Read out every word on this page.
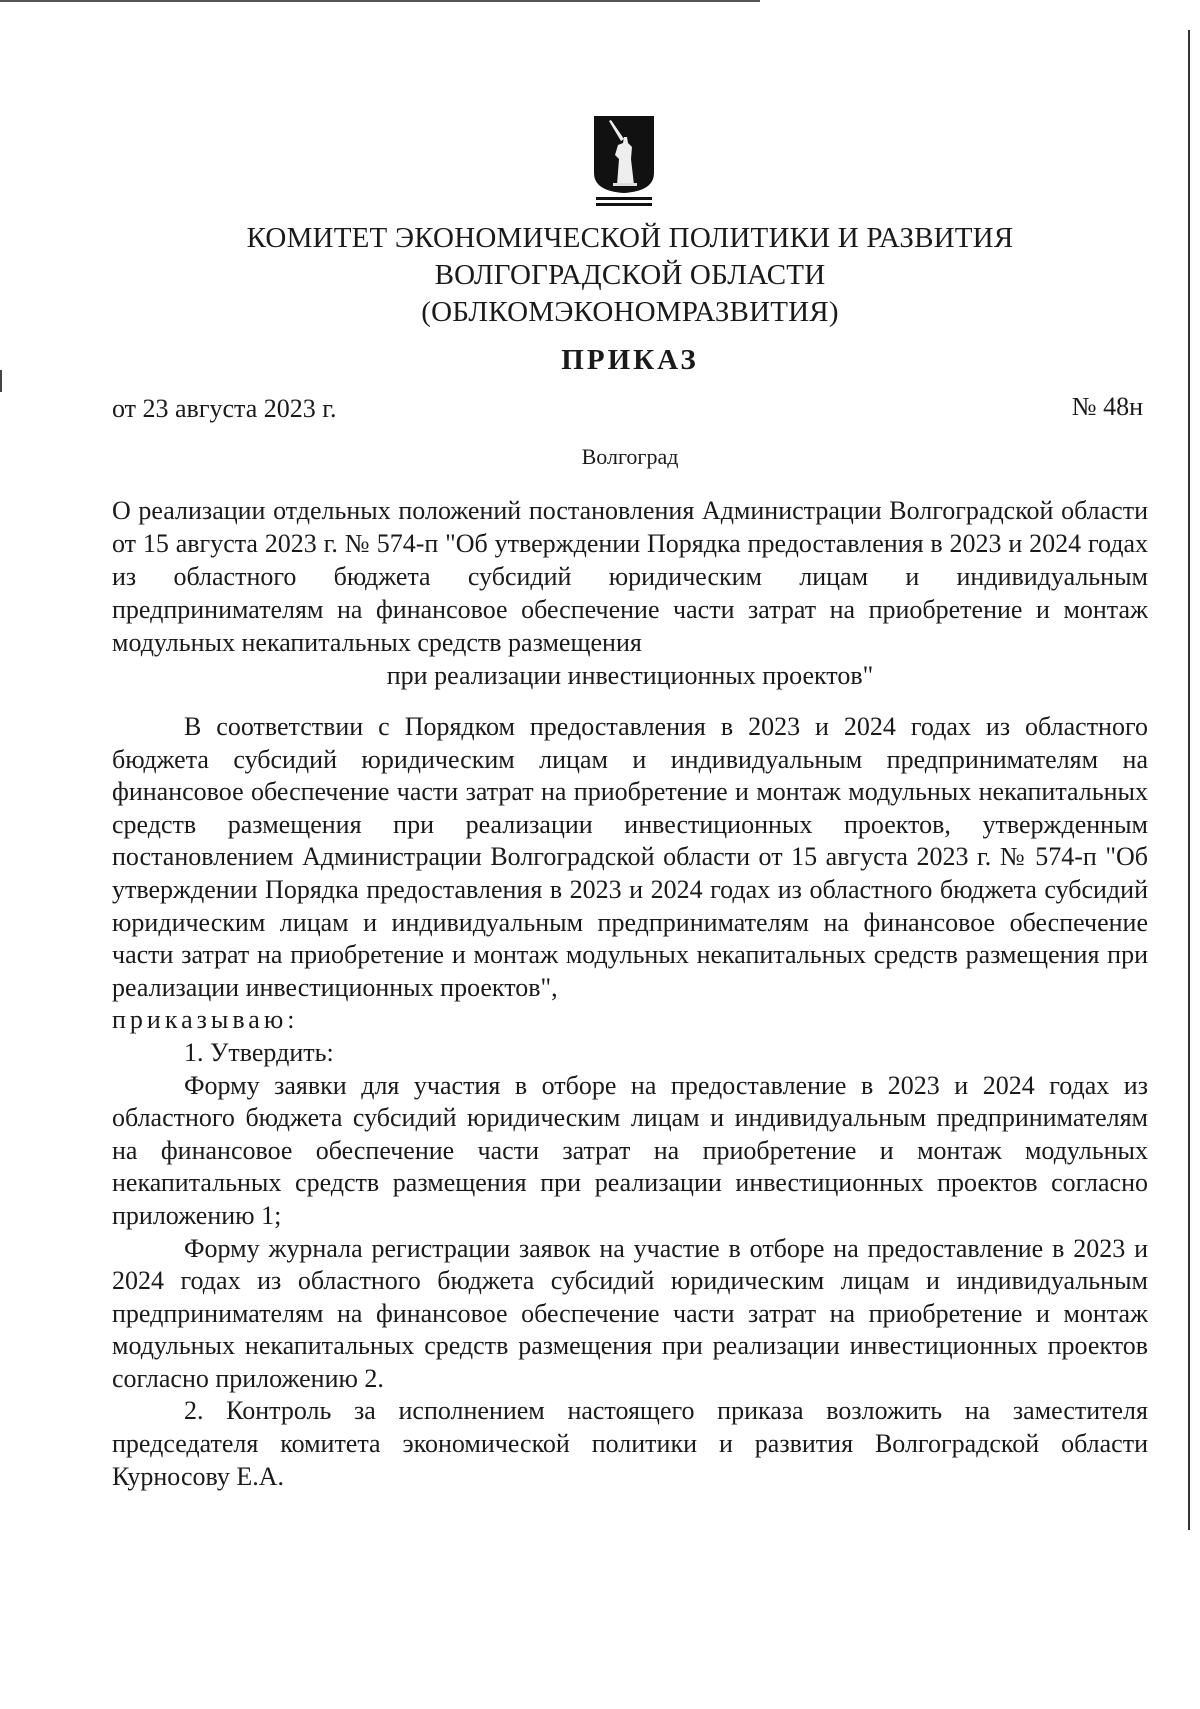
КОМИТЕТ ЭКОНОМИЧЕСКОЙ ПОЛИТИКИ И РАЗВИТИЯ
ВОЛГОГРАДСКОЙ ОБЛАСТИ
(ОБЛКОМЭКОНОМРАЗВИТИЯ)
ПРИКАЗ
от 23 августа 2023 г.	№ 48н
Волгоград
О реализации отдельных положений постановления Администрации Волгоградской области от 15 августа 2023 г. № 574-п "Об утверждении Порядка предоставления в 2023 и 2024 годах из областного бюджета субсидий юридическим лицам и индивидуальным предпринимателям на финансовое обеспечение части затрат на приобретение и монтаж модульных некапитальных средств размещения
при реализации инвестиционных проектов"

В соответствии с Порядком предоставления в 2023 и 2024 годах из областного бюджета субсидий юридическим лицам и индивидуальным предпринимателям на финансовое обеспечение части затрат на приобретение и монтаж модульных некапитальных средств размещения при реализации инвестиционных проектов, утвержденным постановлением Администрации Волгоградской области от 15 августа 2023 г. № 574-п "Об утверждении Порядка предоставления в 2023 и 2024 годах из областного бюджета субсидий юридическим лицам и индивидуальным предпринимателям на финансовое обеспечение части затрат на приобретение и монтаж модульных некапитальных средств размещения при реализации инвестиционных проектов",

приказываю:

1. Утвердить:

Форму заявки для участия в отборе на предоставление в 2023 и 2024 годах из областного бюджета субсидий юридическим лицам и индивидуальным предпринимателям на финансовое обеспечение части затрат на приобретение и монтаж модульных некапитальных средств размещения при реализации инвестиционных проектов согласно приложению 1;

Форму журнала регистрации заявок на участие в отборе на предоставление в 2023 и 2024 годах из областного бюджета субсидий юридическим лицам и индивидуальным предпринимателям на финансовое обеспечение части затрат на приобретение и монтаж модульных некапитальных средств размещения при реализации инвестиционных проектов согласно приложению 2.

2. Контроль за исполнением настоящего приказа возложить на заместителя председателя комитета экономической политики и развития Волгоградской области Курносову Е.А.
